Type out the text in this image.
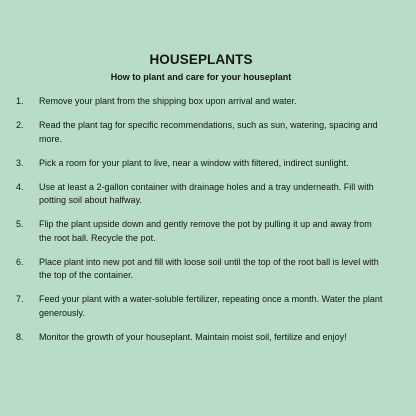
HOUSEPLANTS
How to plant and care for your houseplant
1.	Remove your plant from the shipping box upon arrival and water.
2.	Read the plant tag for specific recommendations, such as sun, watering, spacing and more.
3.	Pick a room for your plant to live, near a window with filtered, indirect sunlight.
4.	Use at least a 2-gallon container with drainage holes and a tray underneath. Fill with potting soil about halfway.
5.	Flip the plant upside down and gently remove the pot by pulling it up and away from the root ball. Recycle the pot.
6.	Place plant into new pot and fill with loose soil until the top of the root ball is level with the top of the container.
7.	Feed your plant with a water-soluble fertilizer, repeating once a month. Water the plant generously.
8.	Monitor the growth of your houseplant. Maintain moist soil, fertilize and enjoy!
